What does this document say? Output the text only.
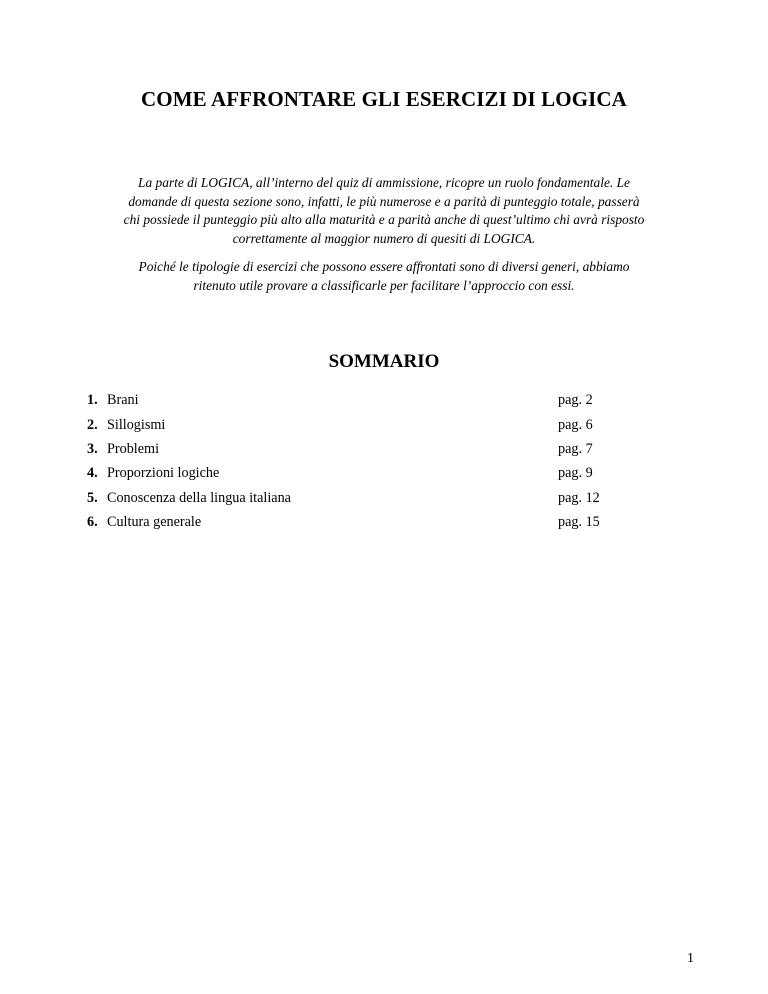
COME AFFRONTARE GLI ESERCIZI DI LOGICA

La parte di LOGICA, all’interno del quiz di ammissione, ricopre un ruolo fondamentale. Le
domande di questa sezione sono, infatti, le più numerose e a parità di punteggio totale, passerà
chi possiede il punteggio più alto alla maturità e a parità anche di quest’ultimo chi avrà risposto
correttamente al maggior numero di quesiti di LOGICA.

Poiché le tipologie di esercizi che possono essere affrontati sono di diversi generi, abbiamo
ritenuto utile provare a classificarle per facilitare l’approccio con essi.

SOMMARIO
1. Brani	pag. 2
2. Sillogismi	pag. 6
3. Problemi	pag. 7
4. Proporzioni logiche	pag. 9
5. Conoscenza della lingua italiana	pag. 12
6. Cultura generale	pag. 15
1
